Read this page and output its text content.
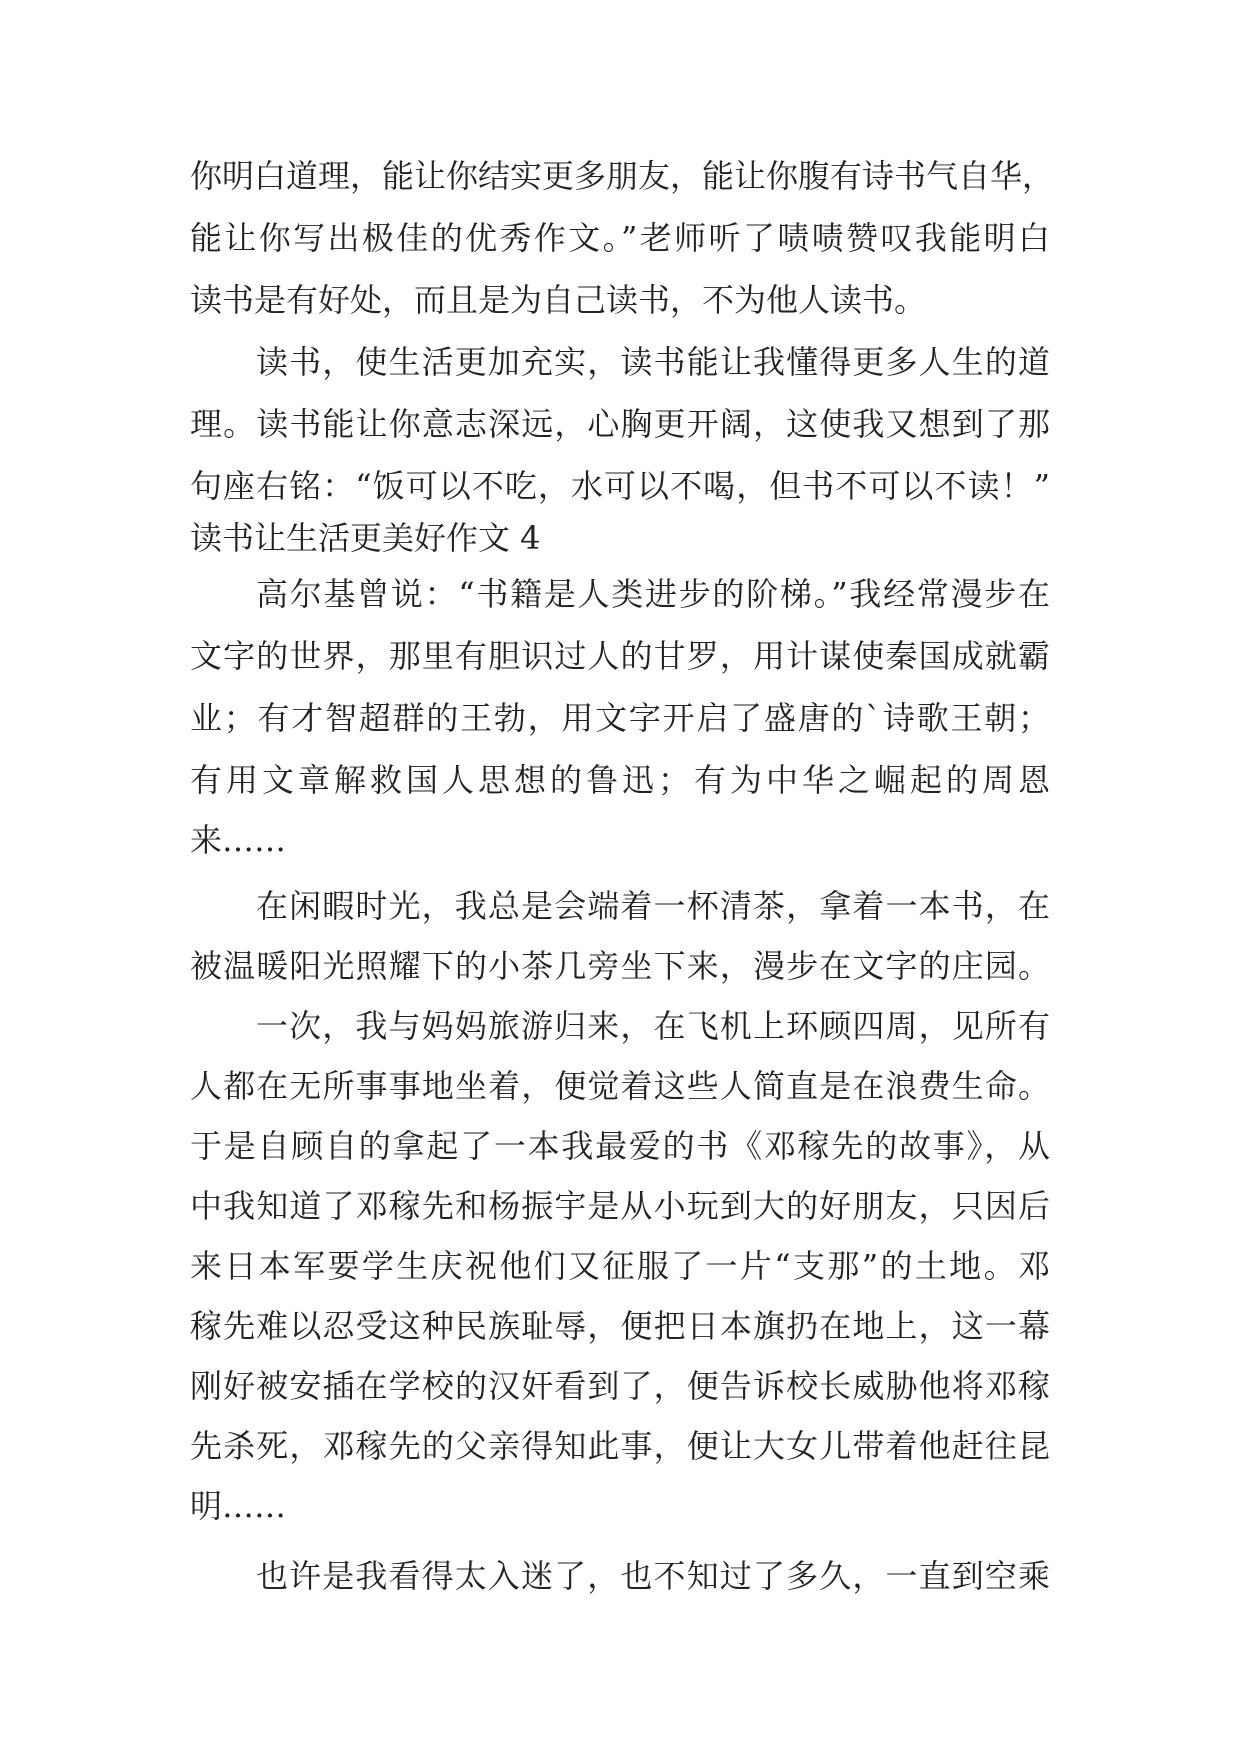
你明白道理，能让你结实更多朋友，能让你腹有诗书气自华，
能让你写出极佳的优秀作文。”老师听了啧啧赞叹我能明白
读书是有好处，而且是为自己读书，不为他人读书。
读书，使生活更加充实，读书能让我懂得更多人生的道
理。读书能让你意志深远，心胸更开阔，这使我又想到了那
句座右铭：“饭可以不吃，水可以不喝，但书不可以不读！”
读书让生活更美好作文 4
高尔基曾说：“书籍是人类进步的阶梯。”我经常漫步在
文字的世界，那里有胆识过人的甘罗，用计谋使秦国成就霸
业；有才智超群的王勃，用文字开启了盛唐的`诗歌王朝；
有用文章解救国人思想的鲁迅；有为中华之崛起的周恩
来……
在闲暇时光，我总是会端着一杯清茶，拿着一本书，在
被温暖阳光照耀下的小茶几旁坐下来，漫步在文字的庄园。
一次，我与妈妈旅游归来，在飞机上环顾四周，见所有
人都在无所事事地坐着，便觉着这些人简直是在浪费生命。
于是自顾自的拿起了一本我最爱的书《邓稼先的故事》，从
中我知道了邓稼先和杨振宇是从小玩到大的好朋友，只因后
来日本军要学生庆祝他们又征服了一片“支那”的土地。邓
稼先难以忍受这种民族耻辱，便把日本旗扔在地上，这一幕
刚好被安插在学校的汉奸看到了，便告诉校长威胁他将邓稼
先杀死，邓稼先的父亲得知此事，便让大女儿带着他赶往昆
明……
也许是我看得太入迷了，也不知过了多久，一直到空乘
